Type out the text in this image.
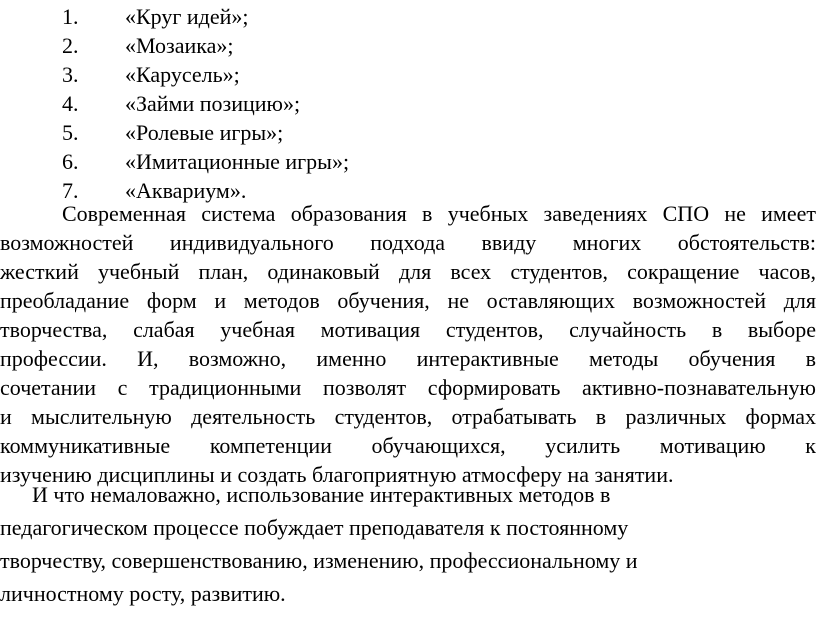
1. «Круг идей»;
2. «Мозаика»;
3. «Карусель»;
4. «Займи позицию»;
5. «Ролевые игры»;
6. «Имитационные игры»;
7. «Аквариум».
Современная система образования в учебных заведениях СПО не имеет
возможностей индивидуального подхода ввиду многих обстоятельств:
жесткий учебный план, одинаковый для всех студентов, сокращение часов,
преобладание форм и методов обучения, не оставляющих возможностей для
творчества, слабая учебная мотивация студентов, случайность в выборе
профессии. И, возможно, именно интерактивные методы обучения в
сочетании с традиционными позволят сформировать активно-познавательную
и мыслительную деятельность студентов, отрабатывать в различных формах
коммуникативные компетенции обучающихся, усилить мотивацию к
изучению дисциплины и создать благоприятную атмосферу на занятии.
И что немаловажно, использование интерактивных методов в
педагогическом процессе побуждает преподавателя к постоянному
творчеству, совершенствованию, изменению, профессиональному и
личностному росту, развитию.
